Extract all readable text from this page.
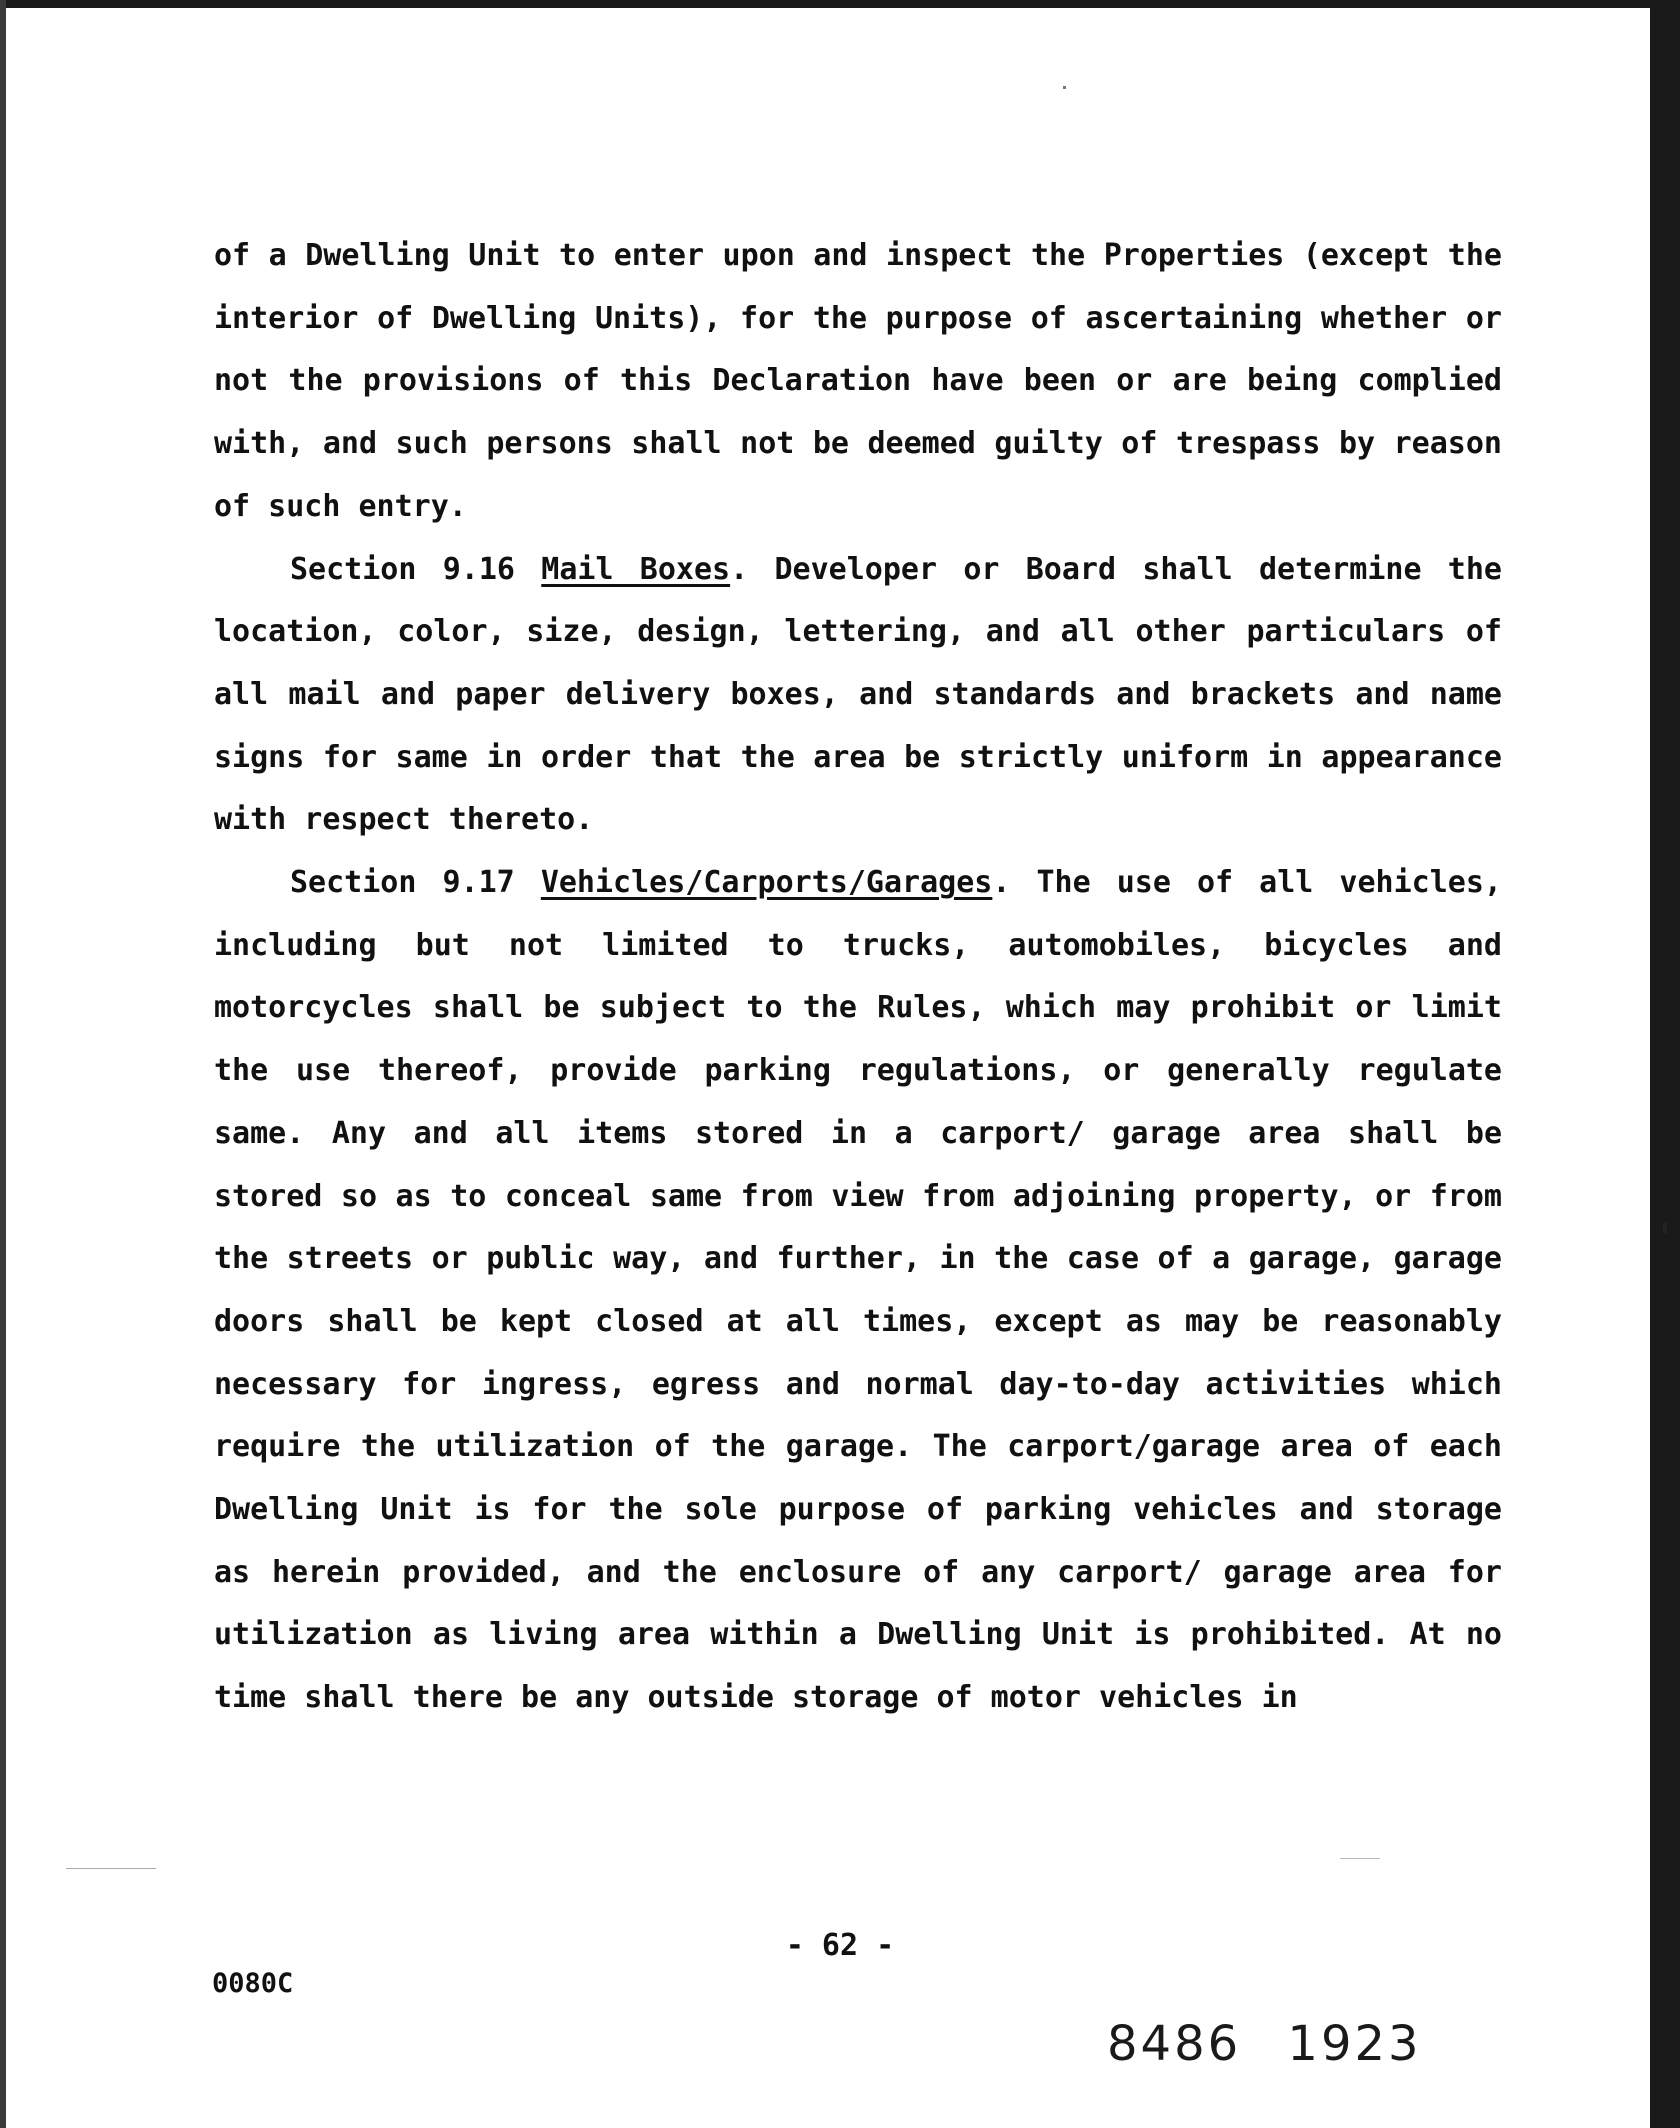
of a Dwelling Unit to enter upon and inspect the Properties (except the interior of Dwelling Units), for the purpose of ascertaining whether or not the provisions of this Declaration have been or are being complied with, and such persons shall not be deemed guilty of trespass by reason of such entry.

Section 9.16 Mail Boxes. Developer or Board shall determine the location, color, size, design, lettering, and all other particulars of all mail and paper delivery boxes, and standards and brackets and name signs for same in order that the area be strictly uniform in appearance with respect thereto.

Section 9.17 Vehicles/Carports/Garages. The use of all vehicles, including but not limited to trucks, automobiles, bicycles and motorcycles shall be subject to the Rules, which may prohibit or limit the use thereof, provide parking regulations, or generally regulate same. Any and all items stored in a carport/ garage area shall be stored so as to conceal same from view from adjoining property, or from the streets or public way, and further, in the case of a garage, garage doors shall be kept closed at all times, except as may be reasonably necessary for ingress, egress and normal day-to-day activities which require the utilization of the garage. The carport/garage area of each Dwelling Unit is for the sole purpose of parking vehicles and storage as herein provided, and the enclosure of any carport/ garage area for utilization as living area within a Dwelling Unit is prohibited. At no time shall there be any outside storage of motor vehicles in

- 62 -
0080C
8486 1923
